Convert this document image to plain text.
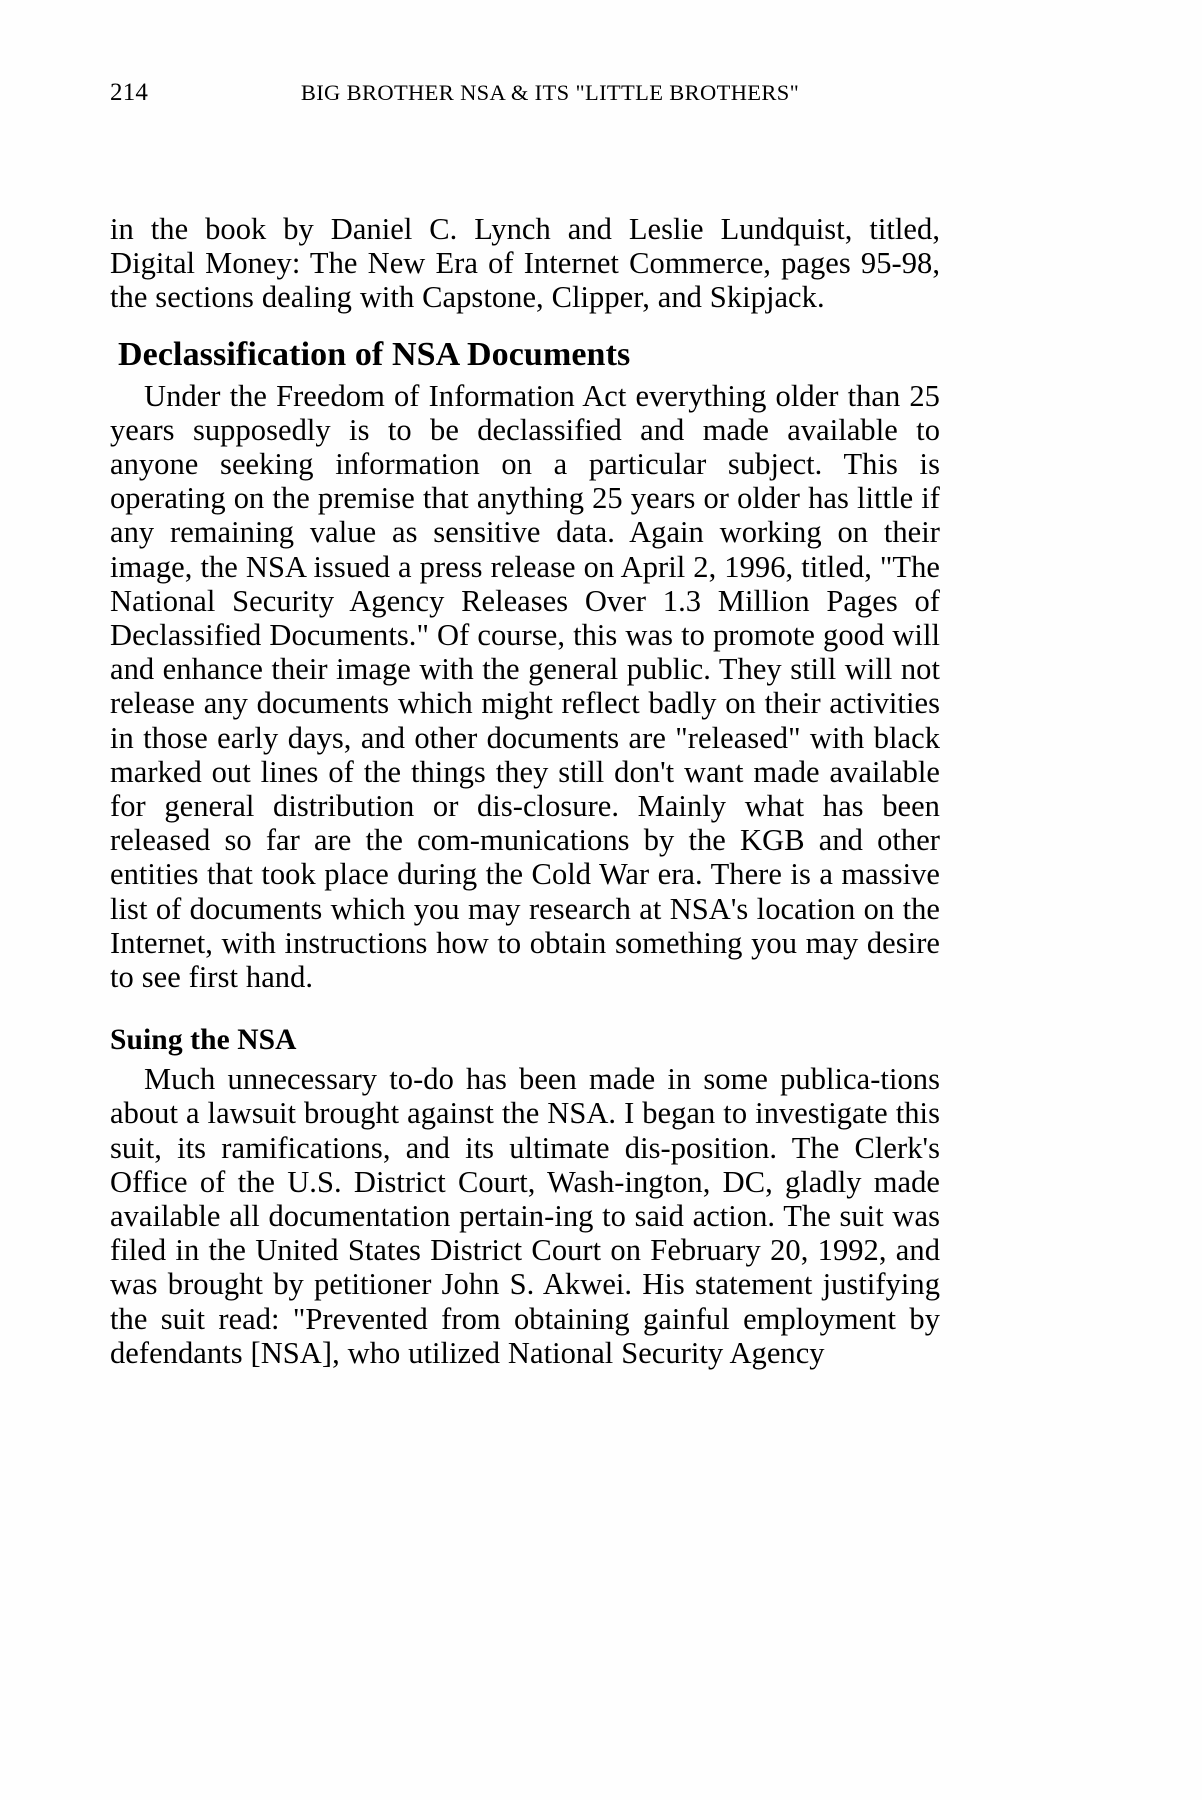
214	BIG BROTHER NSA & ITS "LITTLE BROTHERS"

in the book by Daniel C. Lynch and Leslie Lundquist, titled, Digital Money: The New Era of Internet Commerce, pages 95-98, the sections dealing with Capstone, Clipper, and Skipjack.

Declassification of NSA Documents

Under the Freedom of Information Act everything older than 25 years supposedly is to be declassified and made available to anyone seeking information on a particular subject. This is operating on the premise that anything 25 years or older has little if any remaining value as sensitive data. Again working on their image, the NSA issued a press release on April 2, 1996, titled, "The National Security Agency Releases Over 1.3 Million Pages of Declassified Documents." Of course, this was to promote good will and enhance their image with the general public. They still will not release any documents which might reflect badly on their activities in those early days, and other documents are "released" with black marked out lines of the things they still don't want made available for general distribution or dis-​closure. Mainly what has been released so far are the com-​munications by the KGB and other entities that took place during the Cold War era. There is a massive list of documents which you may research at NSA's location on the Internet, with instructions how to obtain something you may desire to see first hand.

Suing the NSA

Much unnecessary to-​do has been made in some publica-​tions about a lawsuit brought against the NSA. I began to investigate this suit, its ramifications, and its ultimate dis-​position. The Clerk's Office of the U.S. District Court, Wash-​ington, DC, gladly made available all documentation pertain-​ing to said action. The suit was filed in the United States District Court on February 20, 1992, and was brought by petitioner John S. Akwei. His statement justifying the suit read: "Prevented from obtaining gainful employment by defendants [NSA], who utilized National Security Agency
